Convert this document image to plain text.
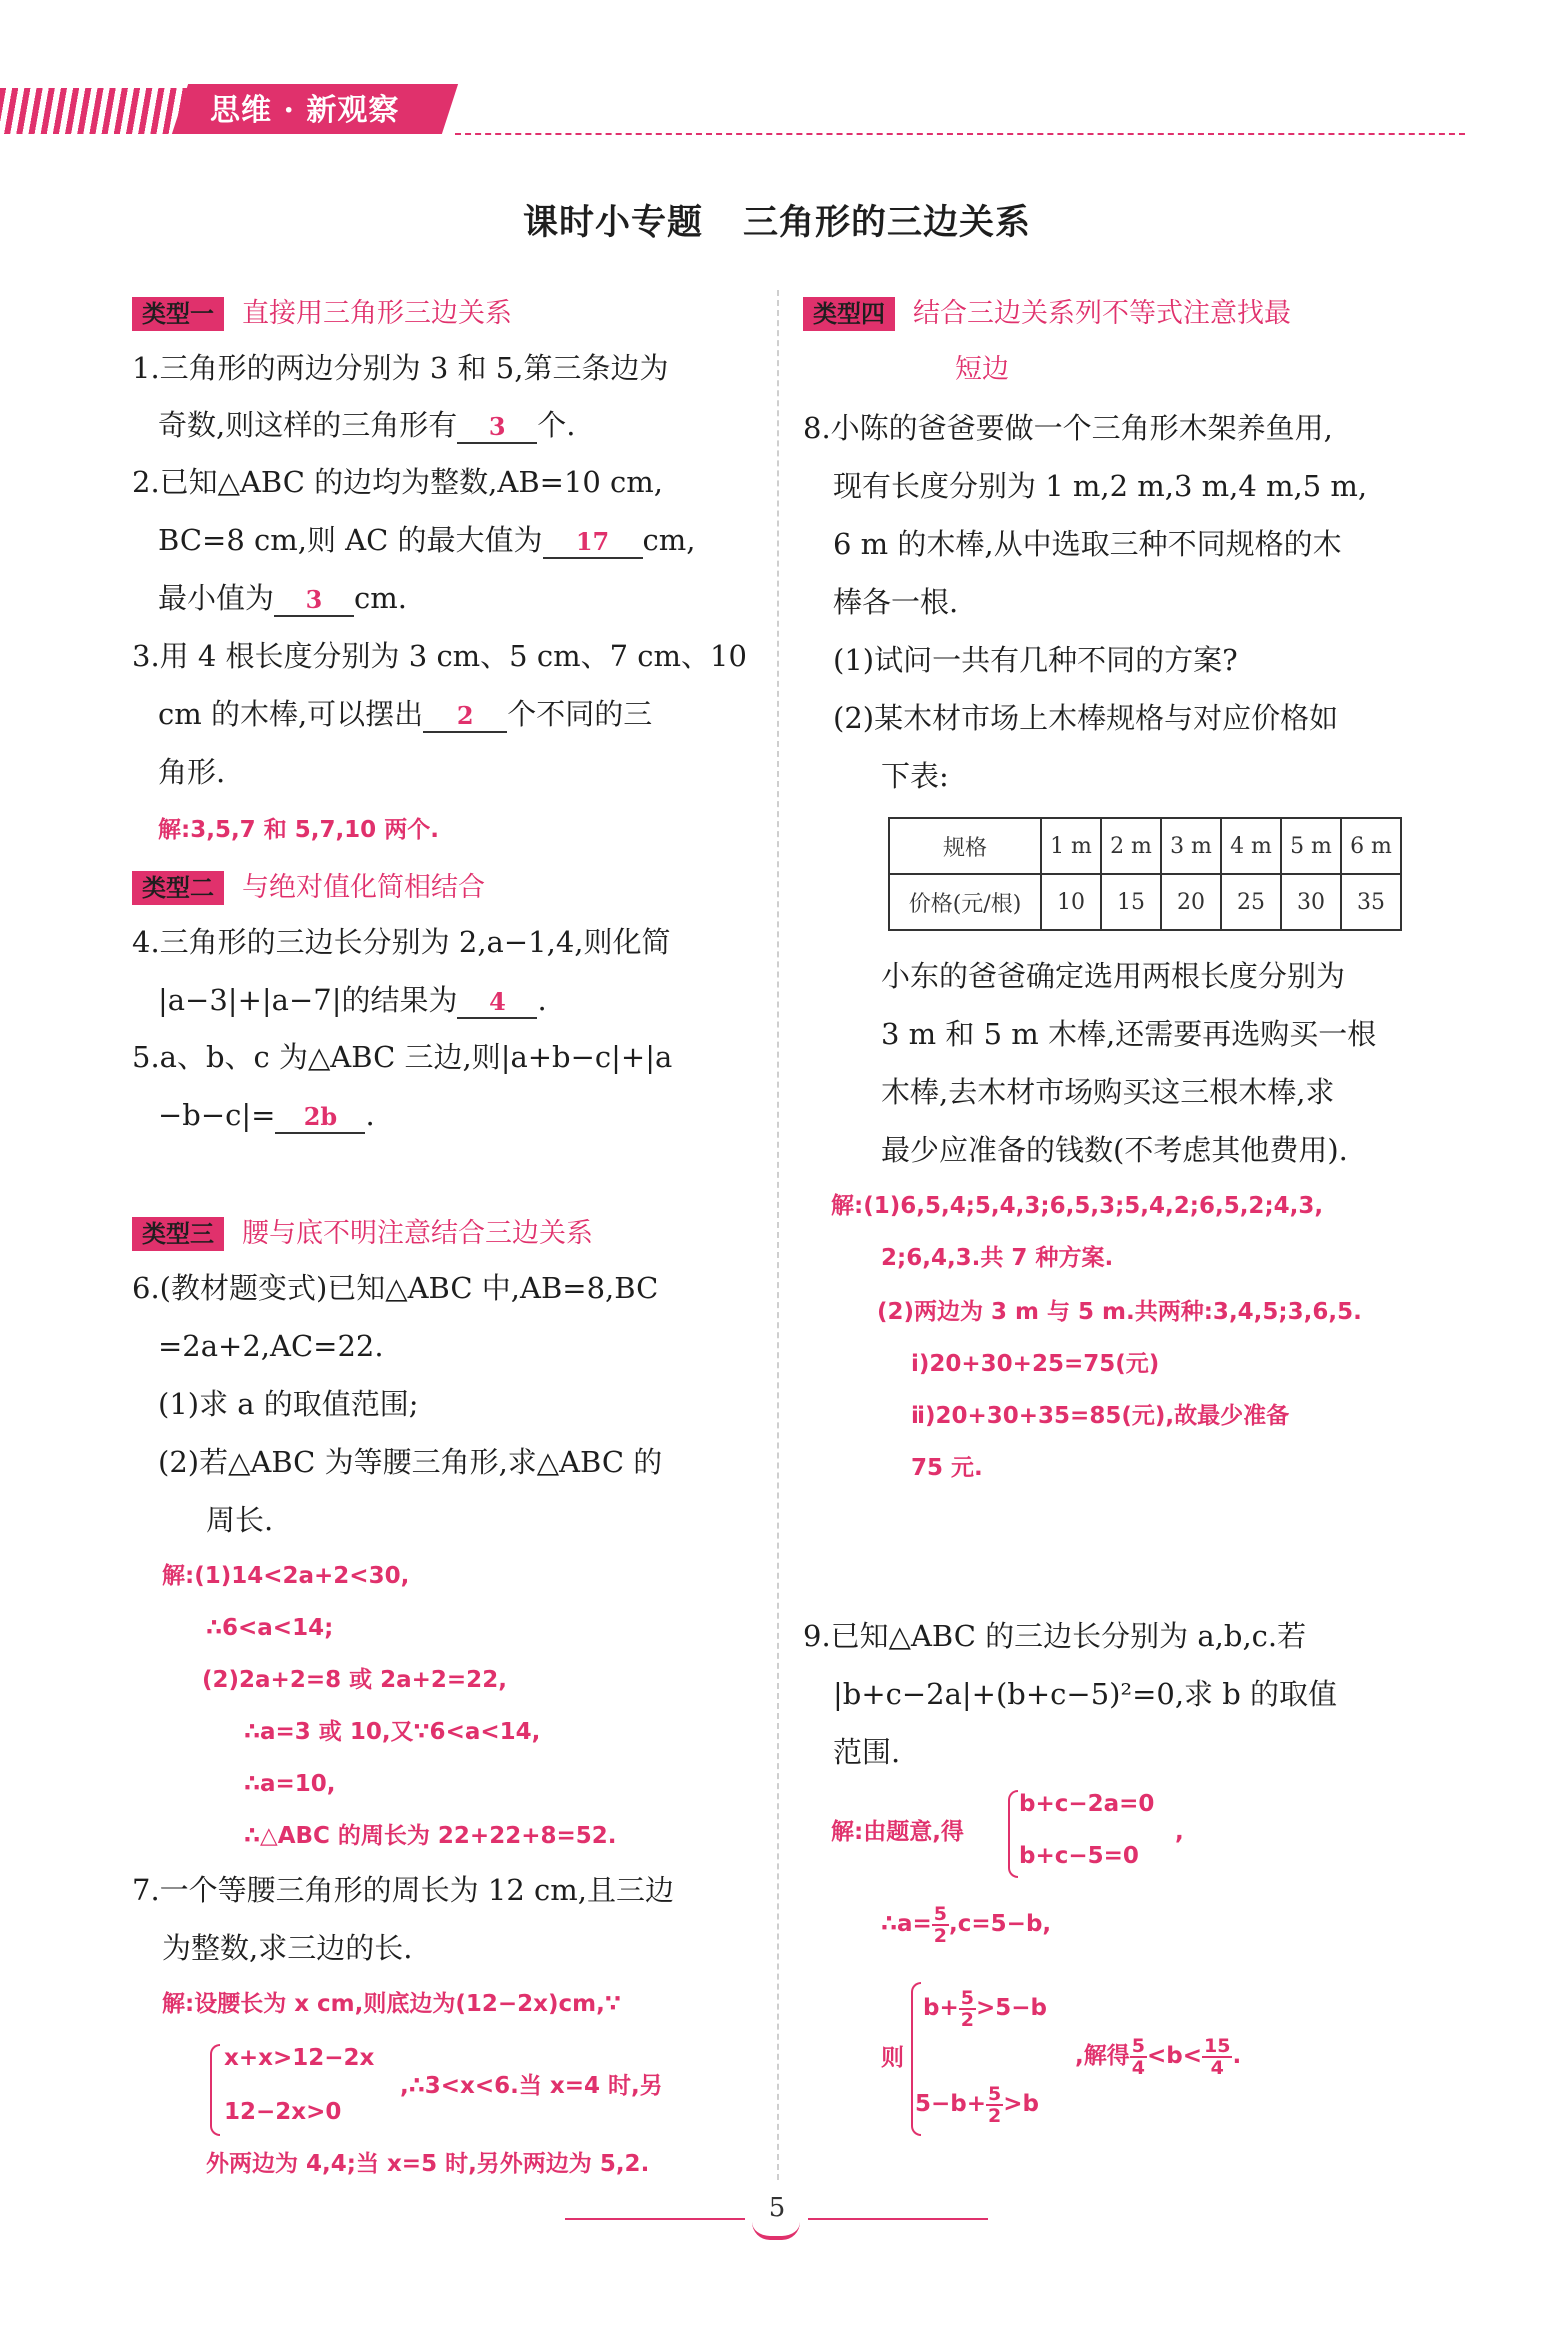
思维 · 新观察
课时小专题 三角形的三边关系
类型一 直接用三角形三边关系
1.三角形的两边分别为 3 和 5,第三条边为
奇数,则这样的三角形有 3 个.
2.已知△ABC 的边均为整数,AB=10 cm,
BC=8 cm,则 AC 的最大值为 17 cm,
最小值为 3 cm.
3.用 4 根长度分别为 3 cm、5 cm、7 cm、10
cm 的木棒,可以摆出 2 个不同的三
角形.
解:3,5,7 和 5,7,10 两个.
类型二 与绝对值化简相结合
4.三角形的三边长分别为 2,a−1,4,则化简
|a−3|+|a−7|的结果为 4 .
5.a、b、c 为△ABC 三边,则|a+b−c|+|a
−b−c|= 2b .
类型三 腰与底不明注意结合三边关系
6.(教材题变式)已知△ABC 中,AB=8,BC
=2a+2,AC=22.
(1)求 a 的取值范围;
(2)若△ABC 为等腰三角形,求△ABC 的
周长.
解:(1)14<2a+2<30,
∴6<a<14;
(2)2a+2=8 或 2a+2=22,
∴a=3 或 10,又∵6<a<14,
∴a=10,
∴△ABC 的周长为 22+22+8=52.
7.一个等腰三角形的周长为 12 cm,且三边
为整数,求三边的长.
解:设腰长为 x cm,则底边为(12−2x)cm,∵
x+x>12−2x
12−2x>0
,∴3<x<6.当 x=4 时,另
外两边为 4,4;当 x=5 时,另外两边为 5,2.
类型四 结合三边关系列不等式注意找最
短边
8.小陈的爸爸要做一个三角形木架养鱼用,
现有长度分别为 1 m,2 m,3 m,4 m,5 m,
6 m 的木棒,从中选取三种不同规格的木
棒各一根.
(1)试问一共有几种不同的方案?
(2)某木材市场上木棒规格与对应价格如
下表:
规格	1 m	2 m	3 m	4 m	5 m	6 m
价格(元/根)	10	15	20	25	30	35
小东的爸爸确定选用两根长度分别为
3 m 和 5 m 木棒,还需要再选购买一根
木棒,去木材市场购买这三根木棒,求
最少应准备的钱数(不考虑其他费用).
解:(1)6,5,4;5,4,3;6,5,3;5,4,2;6,5,2;4,3,
2;6,4,3.共 7 种方案.
(2)两边为 3 m 与 5 m.共两种:3,4,5;3,6,5.
ⅰ)20+30+25=75(元)
ⅱ)20+30+35=85(元),故最少准备
75 元.
9.已知△ABC 的三边长分别为 a,b,c.若
|b+c−2a|+(b+c−5)²=0,求 b 的取值
范围.
解:由题意,得
b+c−2a=0
b+c−5=0
,
∴a= $\frac{5}{2} ,c=5-b$,
则
$b+ \frac{5}{2} >5-b$
$5-b+ \frac{5}{2} >b$
,解得 $\frac{5}{4} <b< \frac{15}{4}$ .
5
